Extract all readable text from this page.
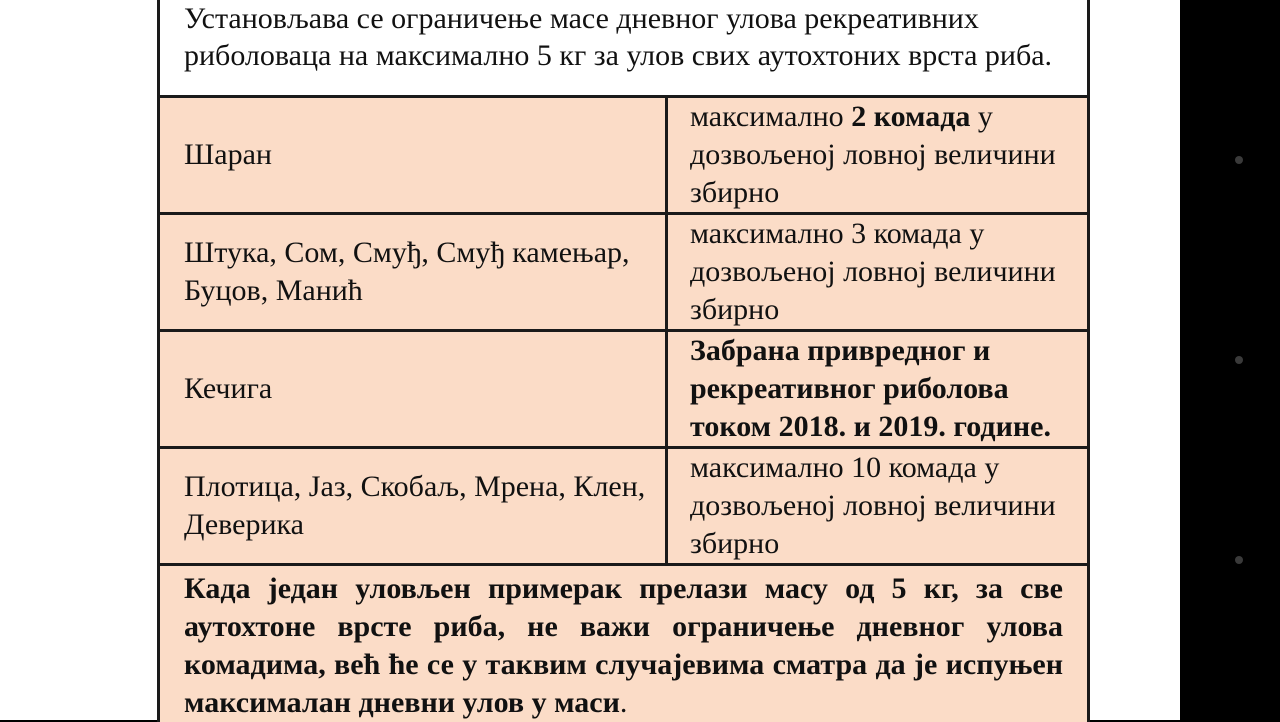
Установљава се ограничење масе дневног улова рекреативних риболоваца на максимално 5 кг за улов свих аутохтоних врста риба.
Шаран	максимално 2 комада у дозвољеној ловној величини збирно
Штука, Сом, Смуђ, Смуђ камењар, Буцов, Манић	максимално 3 комада у дозвољеној ловној величини збирно
Кечига	Забрана привредног и рекреативног риболова током 2018. и 2019. године.
Плотица, Јаз, Скобаљ, Мрена, Клен, Деверика	максимално 10 комада у дозвољеној ловној величини збирно
Када један уловљен примерак прелази масу од 5 кг, за све аутохтоне врсте риба, не важи ограничење дневног улова комадима, већ ће се у таквим случајевима сматра да је испуњен максималан дневни улов у маси.
